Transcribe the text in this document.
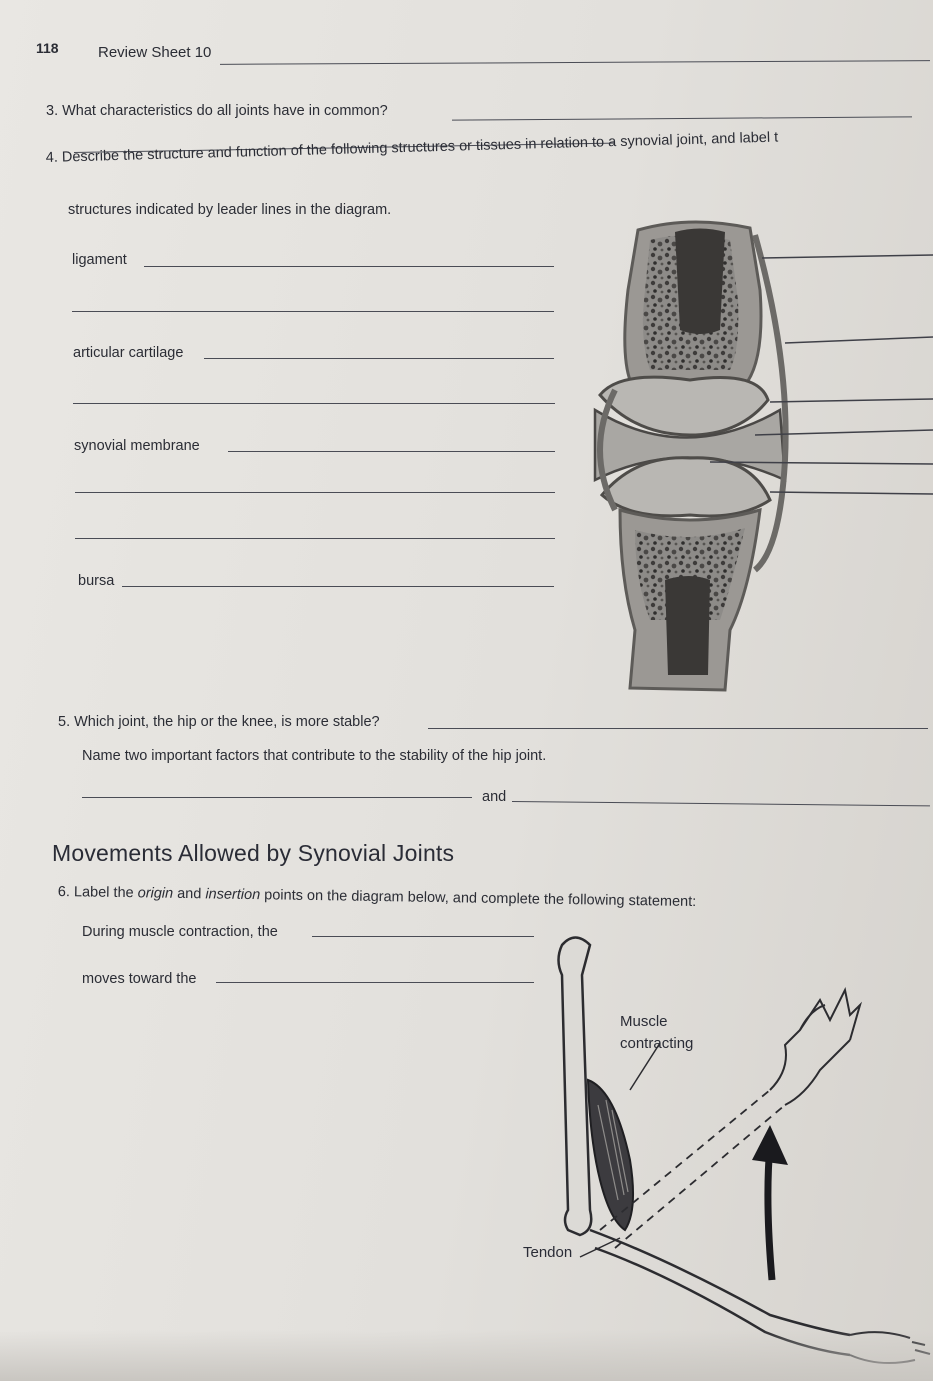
118	Review Sheet 10
3. What characteristics do all joints have in common?
4. Describe the structure and function of the following structures or tissues in relation to a synovial joint, and label t
structures indicated by leader lines in the diagram.
ligament
articular cartilage
synovial membrane
bursa
5. Which joint, the hip or the knee, is more stable?
Name two important factors that contribute to the stability of the hip joint.
and
Movements Allowed by Synovial Joints
6. Label the origin and insertion points on the diagram below, and complete the following statement:
During muscle contraction, the
moves toward the
Muscle
contracting
Tendon
